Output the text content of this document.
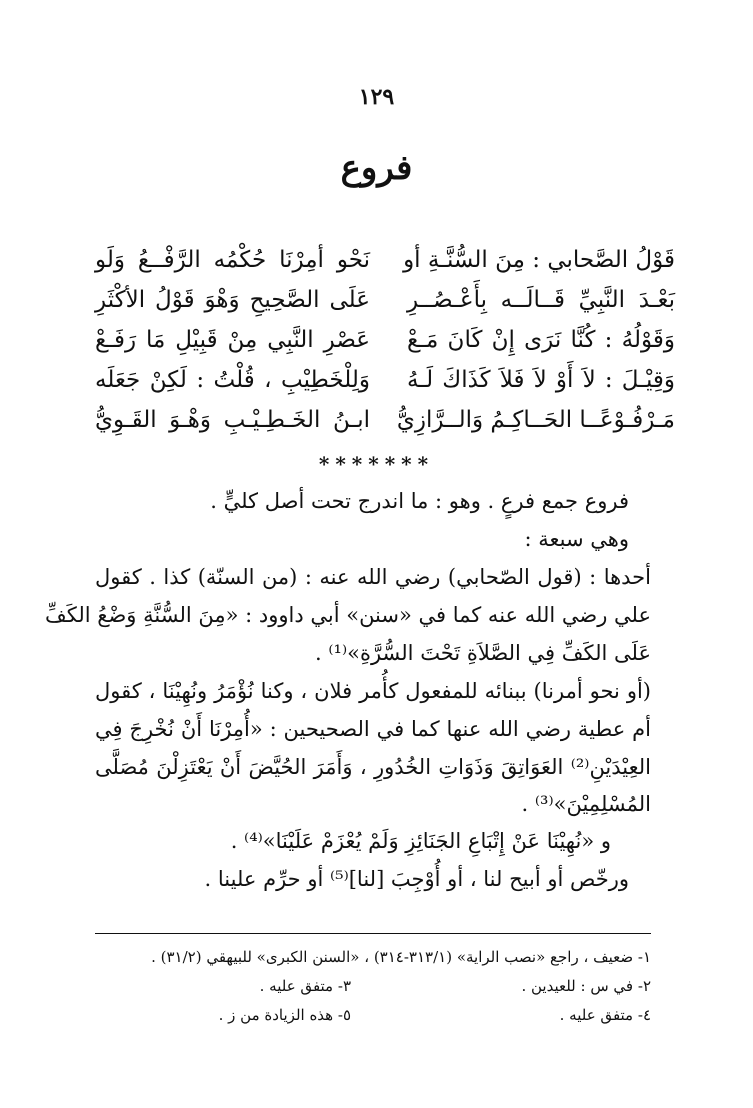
١٢٩
فروع
قَوْلُ الصَّحابي : مِنَ السُّنَّـةِ أو
نَحْو أمِرْنَا حُكْمُه الرَّفْــعُ وَلَو
بَعْـدَ النَّبِيِّ قَــالَــه بِأَعْـصُــرِ
عَلَى الصَّحِيحِ وَهْوَ قَوْلُ الأكْثَرِ
وَقَوْلُهُ : كُنَّا نَرَى إِنْ كَانَ مَـعْ
عَصْرِ النَّبِي مِنْ قَبِيْلِ مَا رَفَـعْ
وَقِيْـلَ : لاَ أَوْ لاَ فَلاَ كَذَاكَ لَـهُ
وَلِلْخَطِيْبِ ، قُلْتُ : لَكِنْ جَعَلَه
مَـرْفُـوْعًــا الحَــاكِـمُ وَالــرَّازِيُّ
ابـنُ الخَـطِـيْـبِ وَهْـوَ القَـوِيُّ
*******
فروع جمع فرعٍ . وهو : ما اندرج تحت أصل كليٍّ .
وهي سبعة :
أحدها : (قول الصّحابي) رضي الله عنه : (من السنّة) كذا . كقول
علي رضي الله عنه كما في «سنن» أبي داوود : «مِنَ السُّنَّةِ وَضْعُ الكَفِّ
عَلَى الكَفِّ فِي الصَّلاَةِ تَحْتَ السُّرَّةِ»⁽¹⁾ .
(أو نحو أمرنا) ببنائه للمفعول كأُمر فلان ، وكنا نُؤْمَرُ ونُهِيْنَا ، كقول
أم عطية رضي الله عنها كما في الصحيحين : «أُمِرْنَا أَنْ نُخْرِجَ فِي
العِيْدَيْنِ⁽²⁾ العَوَاتِقَ وَذَوَاتِ الخُدُورِ ، وَأَمَرَ الحُيَّضَ أَنْ يَعْتَزِلْنَ مُصَلَّى
المُسْلِمِيْنَ»⁽³⁾ .
و «نُهِيْنَا عَنْ إِتْبَاعِ الجَنَائِزِ وَلَمْ يُعْزَمْ عَلَيْنَا»⁽⁴⁾ .
ورخّص أو أبيح لنا ، أو أُوْجِبَ [لنا]⁽⁵⁾ أو حرِّم علينا .
١- ضعيف ، راجع «نصب الراية» (٣١٣/١-٣١٤) ، «السنن الكبرى» للبيهقي (٣١/٢) .
٢- في س : للعيدين .
٣- متفق عليه .
٤- متفق عليه .
٥- هذه الزيادة من ز .
